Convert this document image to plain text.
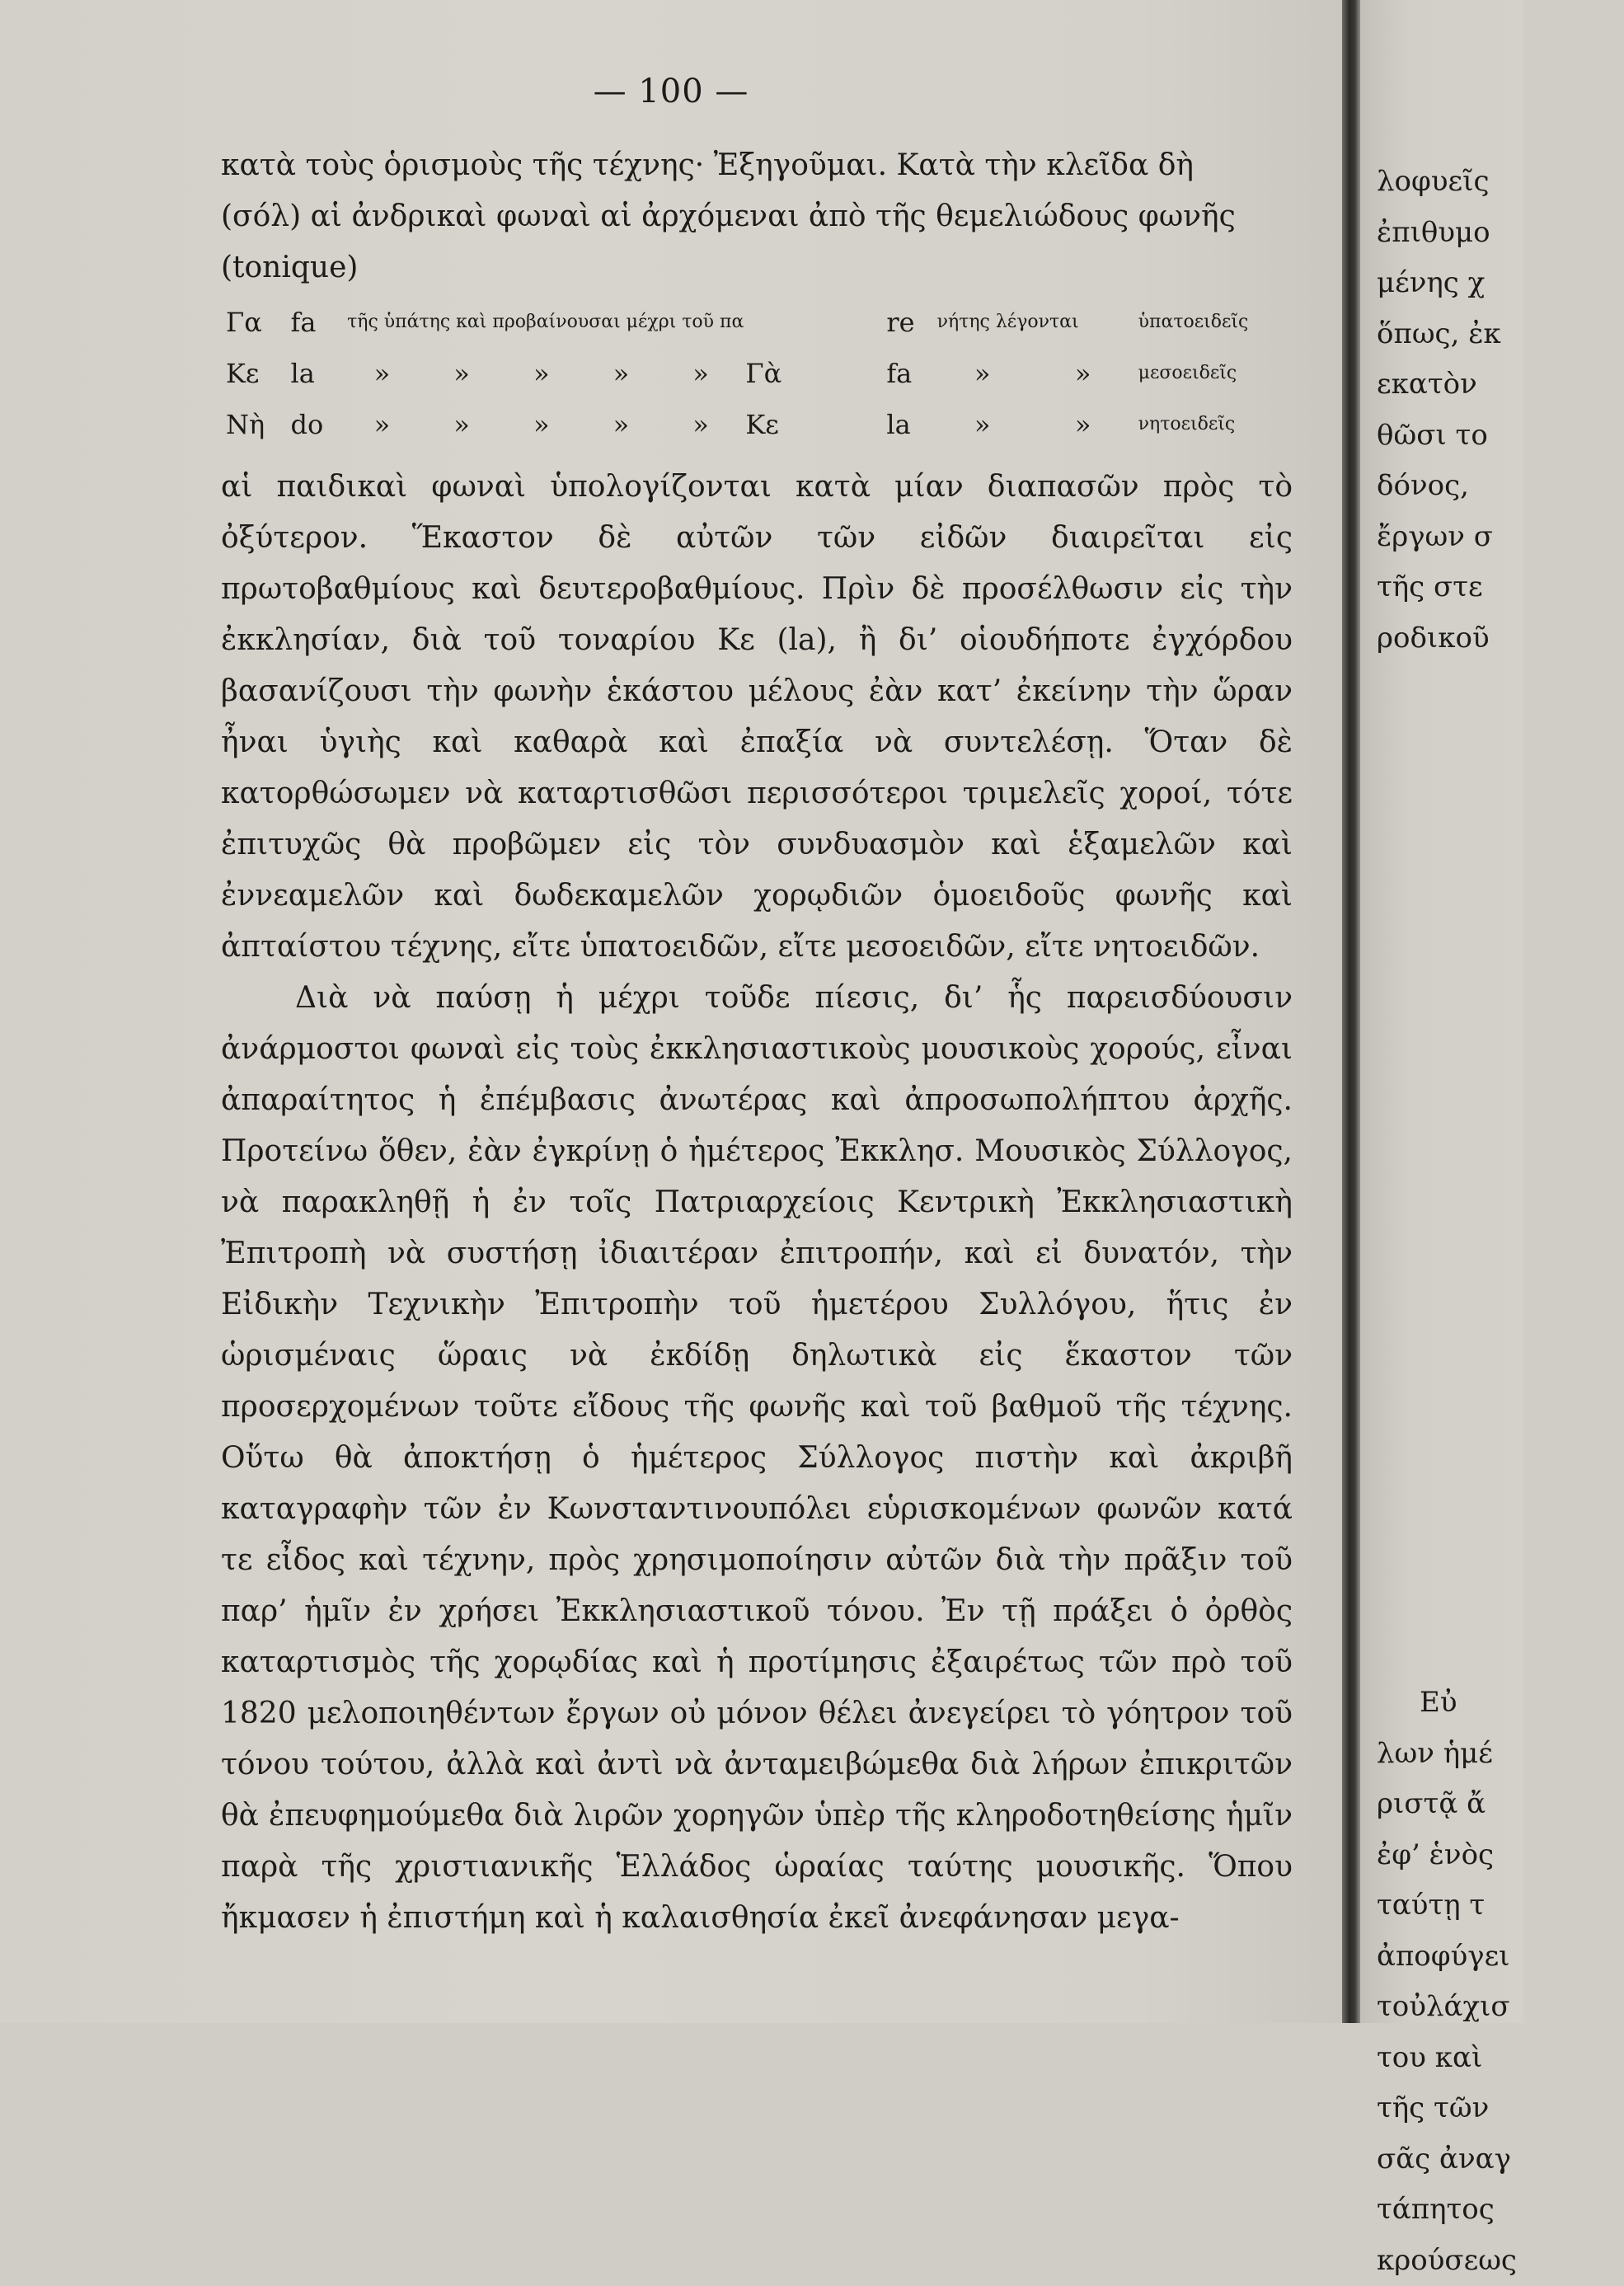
— 100 —

κατὰ τοὺς ὁρισμοὺς τῆς τέχνης· Ἐξηγοῦμαι. Κατὰ τὴν κλεῖδα δὴ

(σόλ) αἱ ἀνδρικαὶ φωναὶ αἱ ἀρχόμεναι ἀπὸ τῆς θεμελιώδους φωνῆς

(tonique)

Γα	fa	τῆς ὑπάτης καὶ προβαίνουσαι μέχρι τοῦ πα						re	νήτης λέγονται		ὑπατοειδεῖς
Κε	la	»	»	»	»	»	Γὰ	fa	»	»	μεσοειδεῖς
Νὴ	do	»	»	»	»	»	Κε	la	»	»	νητοειδεῖς

αἱ παιδικαὶ φωναὶ ὑπολογίζονται κατὰ μίαν διαπασῶν πρὸς τὸ ὀξύτερον. Ἕκαστον δὲ αὐτῶν τῶν εἰδῶν διαιρεῖται εἰς πρωτοβαθμίους καὶ δευτεροβαθμίους. Πρὶν δὲ προσέλθωσιν εἰς τὴν ἐκκλησίαν, διὰ τοῦ τοναρίου Κε (la), ἢ δι’ οἱουδήποτε ἐγχόρδου βασανίζουσι τὴν φωνὴν ἑκάστου μέλους ἐὰν κατ’ ἐκείνην τὴν ὥραν ἦναι ὑγιὴς καὶ καθαρὰ καὶ ἐπαξία νὰ συντελέσῃ. Ὅταν δὲ κατορθώσωμεν νὰ καταρτισθῶσι περισσότεροι τριμελεῖς χοροί, τότε ἐπιτυχῶς θὰ προβῶμεν εἰς τὸν συνδυασμὸν καὶ ἑξαμελῶν καὶ ἐννεαμελῶν καὶ δωδεκαμελῶν χορῳδιῶν ὁμοειδοῦς φωνῆς καὶ ἀπταίστου τέχνης, εἴτε ὑπατοειδῶν, εἴτε μεσοειδῶν, εἴτε νητοειδῶν.

Διὰ νὰ παύσῃ ἡ μέχρι τοῦδε πίεσις, δι’ ἧς παρεισδύουσιν ἀνάρμοστοι φωναὶ εἰς τοὺς ἐκκλησιαστικοὺς μουσικοὺς χορούς, εἶναι ἀπαραίτητος ἡ ἐπέμβασις ἀνωτέρας καὶ ἀπροσωπολήπτου ἀρχῆς. Προτείνω ὅθεν, ἐὰν ἐγκρίνῃ ὁ ἡμέτερος Ἐκκλησ. Μουσικὸς Σύλλογος, νὰ παρακληθῇ ἡ ἐν τοῖς Πατριαρχείοις Κεντρικὴ Ἐκκλησιαστικὴ Ἐπιτροπὴ νὰ συστήσῃ ἰδιαιτέραν ἐπιτροπήν, καὶ εἰ δυνατόν, τὴν Εἰδικὴν Τεχνικὴν Ἐπιτροπὴν τοῦ ἡμετέρου Συλλόγου, ἥτις ἐν ὡρισμέναις ὥραις νὰ ἐκδίδῃ δηλωτικὰ εἰς ἕκαστον τῶν προσερχομένων τοῦτε εἴδους τῆς φωνῆς καὶ τοῦ βαθμοῦ τῆς τέχνης. Οὕτω θὰ ἀποκτήσῃ ὁ ἡμέτερος Σύλλογος πιστὴν καὶ ἀκριβῆ καταγραφὴν τῶν ἐν Κωνσταντινουπόλει εὑρισκομένων φωνῶν κατά τε εἶδος καὶ τέχνην, πρὸς χρησιμοποίησιν αὐτῶν διὰ τὴν πρᾶξιν τοῦ παρ’ ἡμῖν ἐν χρήσει Ἐκκλησιαστικοῦ τόνου. Ἐν τῇ πράξει ὁ ὀρθὸς καταρτισμὸς τῆς χορῳδίας καὶ ἡ προτίμησις ἐξαιρέτως τῶν πρὸ τοῦ 1820 μελοποιηθέντων ἔργων οὐ μόνον θέλει ἀνεγείρει τὸ γόητρον τοῦ τόνου τούτου, ἀλλὰ καὶ ἀντὶ νὰ ἀνταμειβώμεθα διὰ λήρων ἐπικριτῶν θὰ ἐπευφημούμεθα διὰ λιρῶν χορηγῶν ὑπὲρ τῆς κληροδοτηθείσης ἡμῖν παρὰ τῆς χριστιανικῆς Ἑλλάδος ὡραίας ταύτης μουσικῆς. Ὅπου ἤκμασεν ἡ ἐπιστήμη καὶ ἡ καλαισθησία ἐκεῖ ἀνεφάνησαν μεγα-

λοφυεῖς
ἐπιθυμο
μένης χ
ὅπως, ἐκ
εκατὸν
θῶσι το
δόνος,
ἔργων σ
τῆς στε
ροδικοῦ
Εὐ
λων ἡμέ
ριστᾷ ἄ
ἐφ’ ἑνὸς
ταύτῃ τ
ἀποφύγει
τοὐλάχισ
του καὶ
τῆς τῶν
σᾶς ἀναγ
τάπητος
κρούσεως
